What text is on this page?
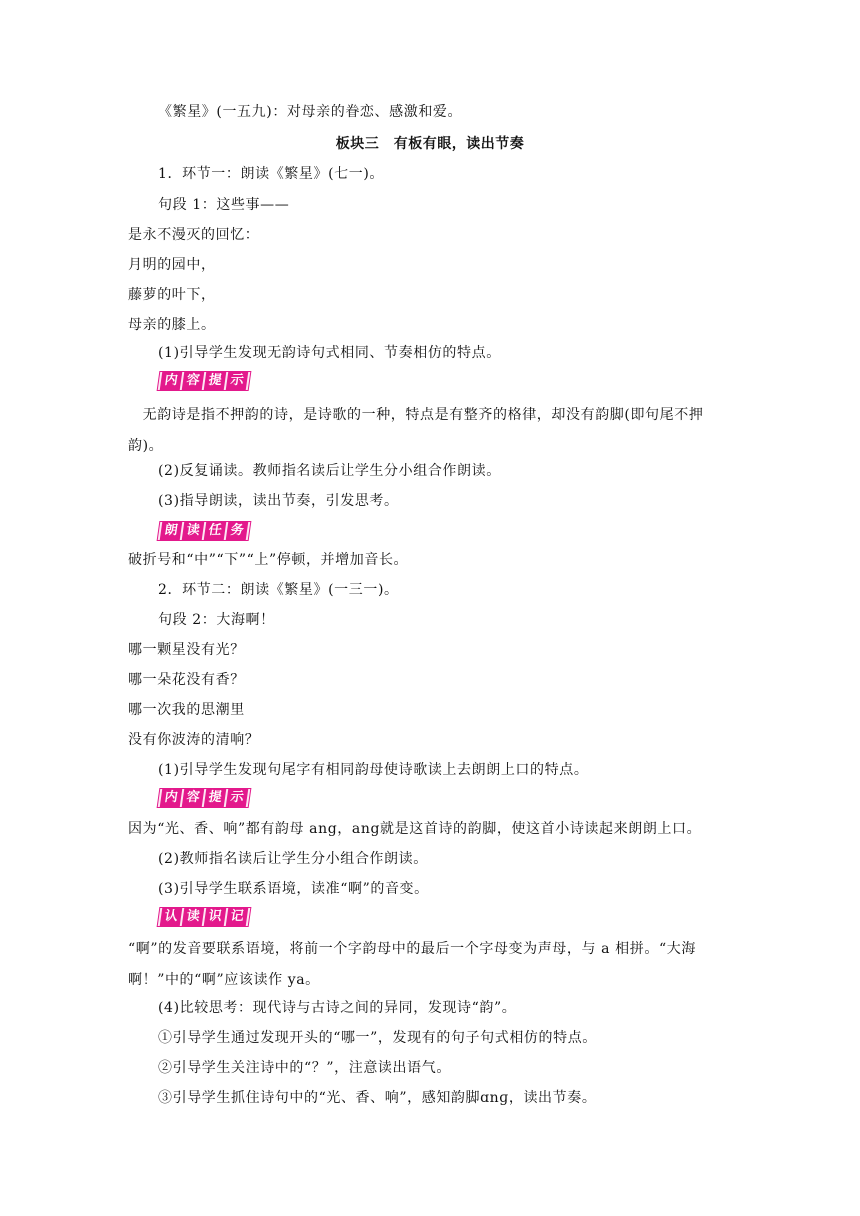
《繁星》(一五九)：对母亲的眷恋、感激和爱。
板块三　有板有眼，读出节奏
1．环节一：朗读《繁星》(七一)。
句段 1：这些事——
是永不漫灭的回忆：
月明的园中，
藤萝的叶下，
母亲的膝上。
(1)引导学生发现无韵诗句式相同、节奏相仿的特点。
内 容 提 示
　无韵诗是指不押韵的诗，是诗歌的一种，特点是有整齐的格律，却没有韵脚(即句尾不押韵)。
(2)反复诵读。教师指名读后让学生分小组合作朗读。
(3)指导朗读，读出节奏，引发思考。
朗 读 任 务
破折号和“中”“下”“上”停顿，并增加音长。
2．环节二：朗读《繁星》(一三一)。
句段 2：大海啊！
哪一颗星没有光？
哪一朵花没有香？
哪一次我的思潮里
没有你波涛的清响？
(1)引导学生发现句尾字有相同韵母使诗歌读上去朗朗上口的特点。
内 容 提 示
因为“光、香、响”都有韵母 ang，ang就是这首诗的韵脚，使这首小诗读起来朗朗上口。
(2)教师指名读后让学生分小组合作朗读。
(3)引导学生联系语境，读准“啊”的音变。
认 读 识 记
“啊”的发音要联系语境，将前一个字韵母中的最后一个字母变为声母，与 a 相拼。“大海啊！”中的“啊”应该读作 ya。
(4)比较思考：现代诗与古诗之间的异同，发现诗“韵”。
①引导学生通过发现开头的“哪一”，发现有的句子句式相仿的特点。
②引导学生关注诗中的“？”，注意读出语气。
③引导学生抓住诗句中的“光、香、响”，感知韵脚ɑnɡ，读出节奏。
